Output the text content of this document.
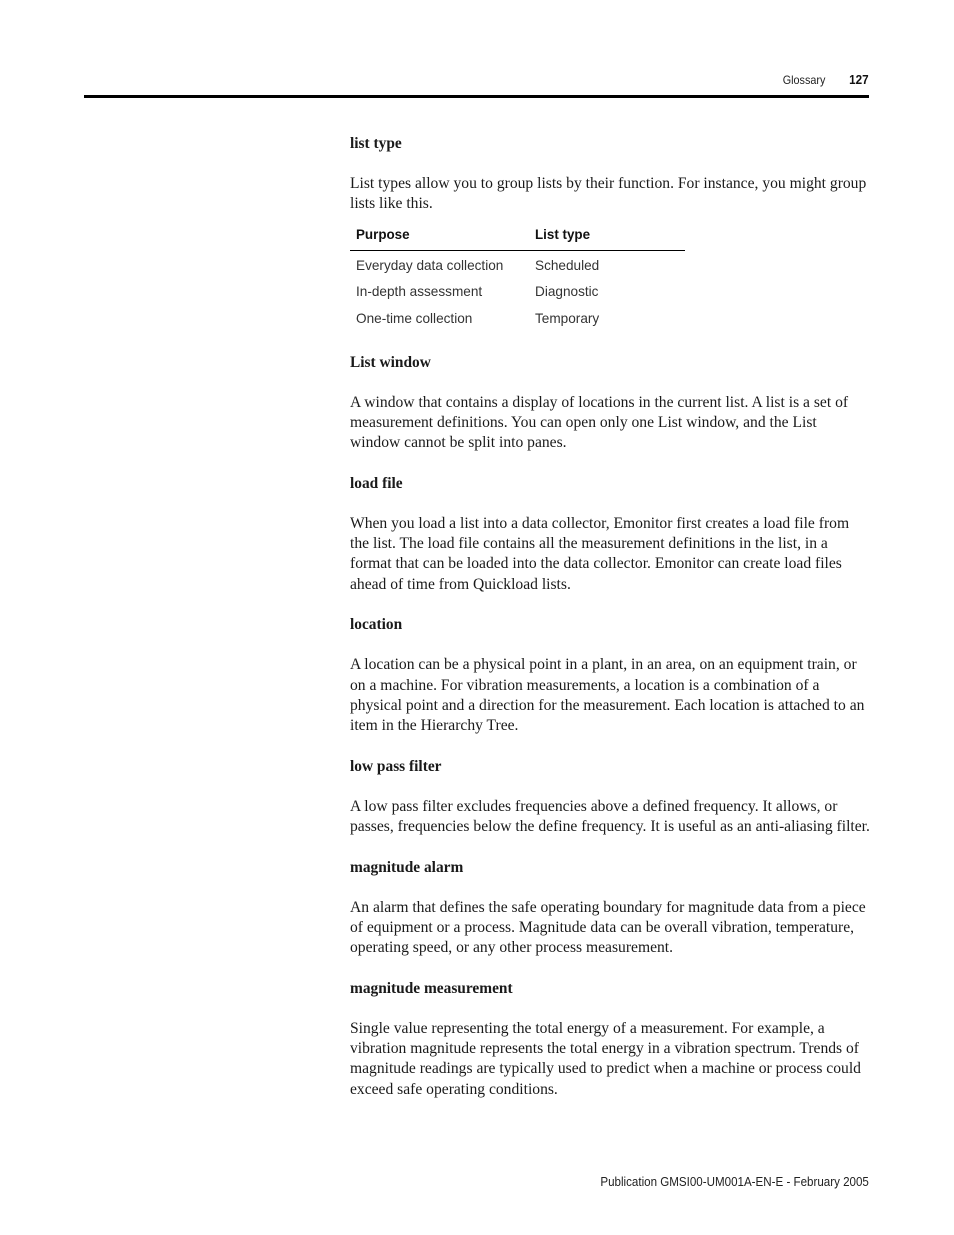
Glossary 127

list type

List types allow you to group lists by their function. For instance, you might group lists like this.

Purpose	List type
Everyday data collection	Scheduled
In-depth assessment	Diagnostic
One-time collection	Temporary

List window

A window that contains a display of locations in the current list. A list is a set of measurement definitions. You can open only one List window, and the List window cannot be split into panes.

load file

When you load a list into a data collector, Emonitor first creates a load file from the list. The load file contains all the measurement definitions in the list, in a format that can be loaded into the data collector. Emonitor can create load files ahead of time from Quickload lists.

location

A location can be a physical point in a plant, in an area, on an equipment train, or on a machine. For vibration measurements, a location is a combination of a physical point and a direction for the measurement. Each location is attached to an item in the Hierarchy Tree.

low pass filter

A low pass filter excludes frequencies above a defined frequency. It allows, or passes, frequencies below the define frequency. It is useful as an anti-aliasing filter.

magnitude alarm

An alarm that defines the safe operating boundary for magnitude data from a piece of equipment or a process. Magnitude data can be overall vibration, temperature, operating speed, or any other process measurement.

magnitude measurement

Single value representing the total energy of a measurement. For example, a vibration magnitude represents the total energy in a vibration spectrum. Trends of magnitude readings are typically used to predict when a machine or process could exceed safe operating conditions.

Publication GMSI00-UM001A-EN-E - February 2005
